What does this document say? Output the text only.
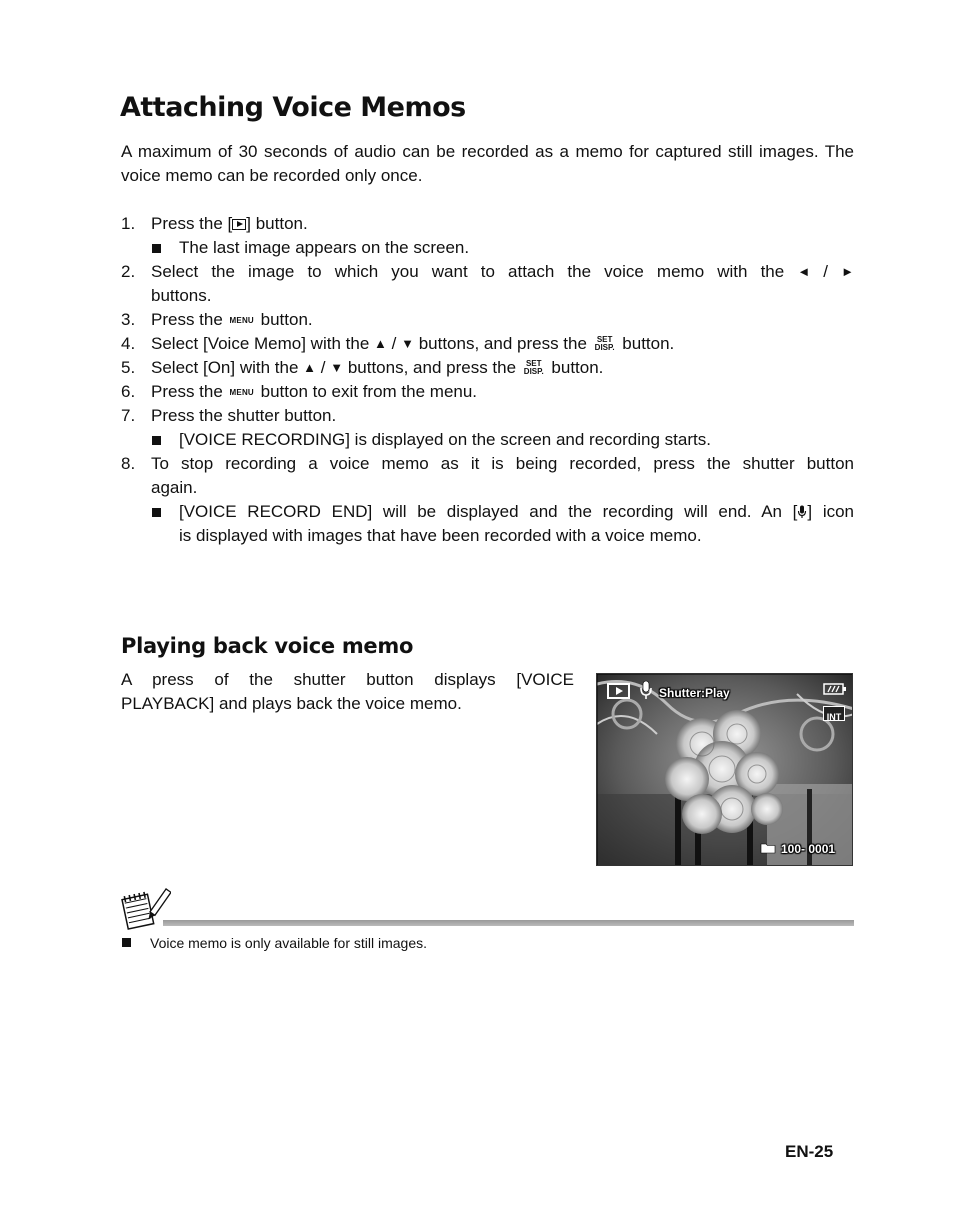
Attaching Voice Memos

A maximum of 30 seconds of audio can be recorded as a memo for captured still images. The voice memo can be recorded only once.

1. Press the [ ] button.
The last image appears on the screen.
2. Select the image to which you want to attach the voice memo with the ◄ / ►
buttons.
3. Press the MENU button.
4. Select [Voice Memo] with the ▲ / ▼ buttons, and press the SET
DISP. button.
5. Select [On] with the ▲ / ▼ buttons, and press the SET
DISP. button.
6. Press the MENU button to exit from the menu.
7. Press the shutter button.
[VOICE RECORDING] is displayed on the screen and recording starts.
8. To stop recording a voice memo as it is being recorded, press the shutter button
again.
[VOICE RECORD END] will be displayed and the recording will end. An [ ] icon
is displayed with images that have been recorded with a voice memo.
Playing back voice memo
A press of the shutter button displays [VOICE
PLAYBACK] and plays back the voice memo.
Shutter:Play
INT
100- 0001
Voice memo is only available for still images.
EN-25
